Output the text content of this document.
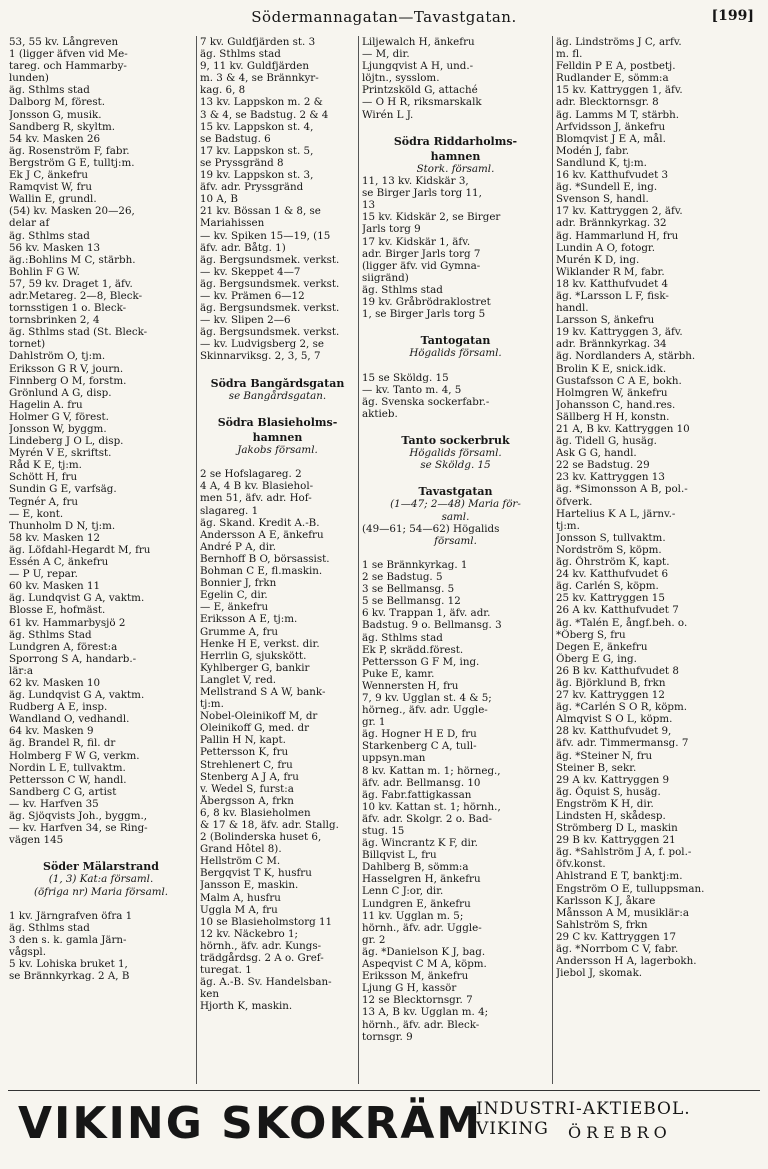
Södermannagatan—Tavastgatan.	[199]
53, 55 kv. Långreven
1 (ligger äfven vid Me-
tareg. och Hammarby-
lunden)
äg. Sthlms stad
Dalborg M, förest.
Jonsson G, musik.
Sandberg R, skyltm.
54 kv. Masken 26
äg. Rosenström F, fabr.
Bergström G E, tulltj:m.
Ek J C, änkefru
Ramqvist W, fru
Wallin E, grundl.
(54) kv. Masken 20—26,
delar af
äg. Sthlms stad
56 kv. Masken 13
äg.:Bohlins M C, stärbh.
Bohlin F G W.
57, 59 kv. Draget 1, äfv.
adr.Metareg. 2—8, Bleck-
tornsstigen 1 o. Bleck-
tornsbrinken 2, 4
äg. Sthlms stad (St. Bleck-
tornet)
Dahlström O, tj:m.
Eriksson G R V, journ.
Finnberg O M, forstm.
Grönlund A G, disp.
Hagelin A. fru
Holmer G V, förest.
Jonsson W, byggm.
Lindeberg J O L, disp.
Myrén V E, skriftst.
Råd K E, tj:m.
Schött H, fru
Sundin G E, varfsäg.
Tegnér A, fru
— E, kont.
Thunholm D N, tj:m.
58 kv. Masken 12
äg. Löfdahl-Hegardt M, fru
Essén A C, änkefru
— P U, repar.
60 kv. Masken 11
äg. Lundqvist G A, vaktm.
Blosse E, hofmäst.
61 kv. Hammarbysjö 2
äg. Sthlms Stad
Lundgren A, förest:a
Sporrong S A, handarb.-
lär:a
62 kv. Masken 10
äg. Lundqvist G A, vaktm.
Rudberg A E, insp.
Wandland O, vedhandl.
64 kv. Masken 9
äg. Brandel R, fil. dr
Holmberg F W G, verkm.
Nordin L E, tullvaktm.
Pettersson C W, handl.
Sandberg C G, artist
— kv. Harfven 35
äg. Sjöqvists Joh., byggm.,
— kv. Harfven 34, se Ring-
vägen 145

Söder Mälarstrand
(1, 3) Kat:a församl.
(öfriga nr) Maria församl.

1 kv. Järngrafven öfra 1
äg. Sthlms stad
3 den s. k. gamla Järn-
vågspl.
5 kv. Lohiska bruket 1,
se Brännkyrkag. 2 A, B
7 kv. Guldfjärden st. 3
äg. Sthlms stad
9, 11 kv. Guldfjärden
m. 3 & 4, se Brännkyr-
kag. 6, 8
13 kv. Lappskon m. 2 &
3 & 4, se Badstug. 2 & 4
15 kv. Lappskon st. 4,
se Badstug. 6
17 kv. Lappskon st. 5,
se Pryssgränd 8
19 kv. Lappskon st. 3,
äfv. adr. Pryssgränd
10 A, B
21 kv. Bössan 1 & 8, se
Mariahissen
— kv. Spiken 15—19, (15
äfv. adr. Båtg. 1)
äg. Bergsundsmek. verkst.
— kv. Skeppet 4—7
äg. Bergsundsmek. verkst.
— kv. Prämen 6—12
äg. Bergsundsmek. verkst.
— kv. Slipen 2—6
äg. Bergsundsmek. verkst.
— kv. Ludvigsberg 2, se
Skinnarviksg. 2, 3, 5, 7

Södra Bangårdsgatan
se Bangårdsgatan.

Södra Blasieholms-
hamnen
Jakobs församl.

2 se Hofslagareg. 2
4 A, 4 B kv. Blasiehol-
men 51, äfv. adr. Hof-
slagareg. 1
äg. Skand. Kredit A.-B.
Andersson A E, änkefru
André P A, dir.
Bernhoff B O, börsassist.
Bohman C E, fl.maskin.
Bonnier J, frkn
Egelin C, dir.
— E, änkefru
Eriksson A E, tj:m.
Grumme A, fru
Henke H E, verkst. dir.
Herrlin G, sjukskött.
Kyhlberger G, bankir
Langlet V, red.
Mellstrand S A W, bank-
tj:m.
Nobel-Oleinikoff M, dr
Oleinikoff G, med. dr
Pallin H N, kapt.
Pettersson K, fru
Strehlenert C, fru
Stenberg A J A, fru
v. Wedel S, furst:a
Åbergsson A, frkn
6, 8 kv. Blasieholmen
& 17 & 18, äfv. adr. Stallg.
2 (Bolinderska huset 6,
Grand Hôtel 8).
Hellström C M.
Bergqvist T K, husfru
Jansson E, maskin.
Malm A, husfru
Uggla M A, fru
10 se Blasieholmstorg 11
12 kv. Näckebro 1;
hörnh., äfv. adr. Kungs-
trädgårdsg. 2 A o. Gref-
turegat. 1
äg. A.-B. Sv. Handelsban-
ken
Hjorth K, maskin.
Liljewalch H, änkefru
— M, dir.
Ljungqvist A H, und.-
löjtn., sysslom.
Printzsköld G, attaché
— O H R, riksmarskalk
Wirén L J.

Södra Riddarholms-
hamnen
Stork. församl.
11, 13 kv. Kidskär 3,
se Birger Jarls torg 11,
13
15 kv. Kidskär 2, se Birger
Jarls torg 9
17 kv. Kidskär 1, äfv.
adr. Birger Jarls torg 7
(ligger äfv. vid Gymna-
siigränd)
äg. Sthlms stad
19 kv. Gråbrödraklostret
1, se Birger Jarls torg 5

Tantogatan
Högalids församl.

15 se Sköldg. 15
— kv. Tanto m. 4, 5
äg. Svenska sockerfabr.-
aktieb.

Tanto sockerbruk
Högalids församl.
se Sköldg. 15

Tavastgatan
(1—47; 2—48) Maria för-
saml.
(49—61; 54—62) Högalids
församl.

1 se Brännkyrkag. 1
2 se Badstug. 5
3 se Bellmansg. 5
5 se Bellmansg. 12
6 kv. Trappan 1, äfv. adr.
Badstug. 9 o. Bellmansg. 3
äg. Sthlms stad
Ek P, skrädd.förest.
Pettersson G F M, ing.
Puke E, kamr.
Wennersten H, fru
7, 9 kv. Ugglan st. 4 & 5;
hörneg., äfv. adr. Uggle-
gr. 1
äg. Hogner H E D, fru
Starkenberg C A, tull-
uppsyn.man
8 kv. Kattan m. 1; hörneg.,
äfv. adr. Bellmansg. 10
äg. Fabr.fattigkassan
10 kv. Kattan st. 1; hörnh.,
äfv. adr. Skolgr. 2 o. Bad-
stug. 15
äg. Wincrantz K F, dir.
Billqvist L, fru
Dahlberg B, sömm:a
Hasselgren H, änkefru
Lenn C J:or, dir.
Lundgren E, änkefru
11 kv. Ugglan m. 5;
hörnh., äfv. adr. Uggle-
gr. 2
äg. *Danielson K J, bag.
Aspeqvist C M A, köpm.
Eriksson M, änkefru
Ljung G H, kassör
12 se Blecktornsgr. 7
13 A, B kv. Ugglan m. 4;
hörnh., äfv. adr. Bleck-
tornsgr. 9
äg. Lindströms J C, arfv.
m. fl.
Felldin P E A, postbetj.
Rudlander E, sömm:a
15 kv. Kattryggen 1, äfv.
adr. Blecktornsgr. 8
äg. Lamms M T, stärbh.
Arfvidsson J, änkefru
Blomqvist J E A, mål.
Modén J, fabr.
Sandlund K, tj:m.
16 kv. Katthufvudet 3
äg. *Sundell E, ing.
Svenson S, handl.
17 kv. Kattryggen 2, äfv.
adr. Brännkyrkag. 32
äg. Hammarlund H, fru
Lundin A O, fotogr.
Murén K D, ing.
Wiklander R M, fabr.
18 kv. Katthufvudet 4
äg. *Larsson L F, fisk-
handl.
Larsson S, änkefru
19 kv. Kattryggen 3, äfv.
adr. Brännkyrkag. 34
äg. Nordlanders A, stärbh.
Brolin K E, snick.idk.
Gustafsson C A E, bokh.
Holmgren W, änkefru
Johansson C, hand.res.
Sällberg H H, konstn.
21 A, B kv. Kattryggen 10
äg. Tidell G, husäg.
Ask G G, handl.
22 se Badstug. 29
23 kv. Kattryggen 13
äg. *Simonsson A B, pol.-
öfverk.
Hartelius K A L, järnv.-
tj:m.
Jonsson S, tullvaktm.
Nordström S, köpm.
äg. Öhrström K, kapt.
24 kv. Katthufvudet 6
äg. Carlén S, köpm.
25 kv. Kattryggen 15
26 A kv. Katthufvudet 7
äg. *Talén E, ångf.beh. o.
*Öberg S, fru
Degen E, änkefru
Öberg E G, ing.
26 B kv. Katthufvudet 8
äg. Björklund B, frkn
27 kv. Kattryggen 12
äg. *Carlén S O R, köpm.
Almqvist S O L, köpm.
28 kv. Katthufvudet 9,
äfv. adr. Timmermansg. 7
äg. *Steiner N, fru
Steiner B, sekr.
29 A kv. Kattryggen 9
äg. Öquist S, husäg.
Engström K H, dir.
Lindsten H, skådesp.
Strömberg D L, maskin
29 B kv. Kattryggen 21
äg. *Sahlström J A, f. pol.-
öfv.konst.
Ahlstrand E T, banktj:m.
Engström O E, tulluppsman.
Karlsson K J, åkare
Månsson A M, musiklär:a
Sahlström S, frkn
29 C kv. Kattryggen 17
äg. *Norrbom C V, fabr.
Andersson H A, lagerbokh.
Jiebol J, skomak.
VIKING SKOKRÄM
INDUSTRI-AKTIEBOL. VIKING	ÖREBRO
